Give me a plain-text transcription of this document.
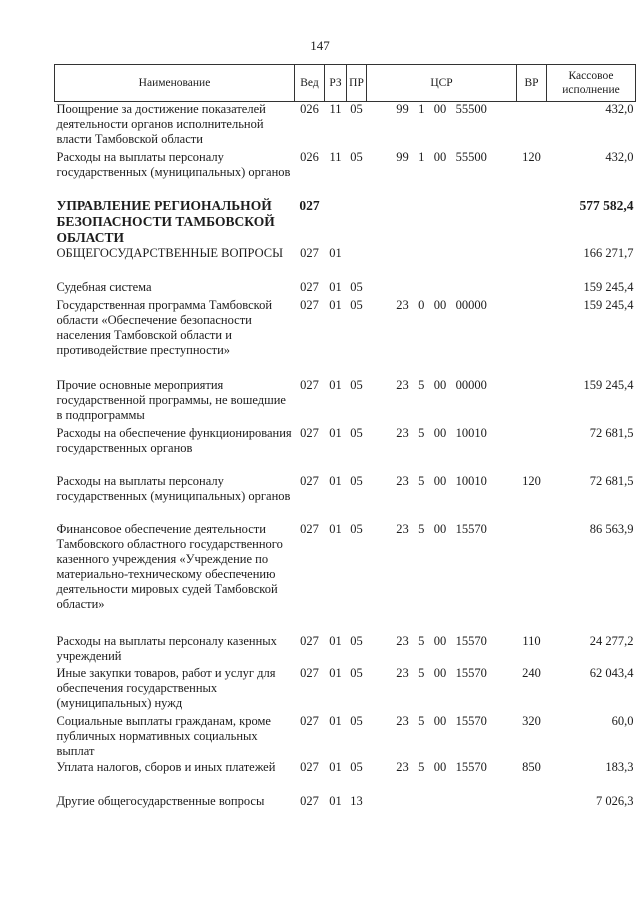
147
Наименование	Вед	РЗ	ПР	ЦСР	ВР	Кассовое исполнение
Поощрение за достижение показателей деятельности органов исполнительной власти Тамбовской области	026	11	05	99   1   00   55500		432,0
Расходы на выплаты персоналу государственных (муниципальных) органов	026	11	05	99   1   00   55500	120	432,0
УПРАВЛЕНИЕ РЕГИОНАЛЬНОЙ БЕЗОПАСНОСТИ ТАМБОВСКОЙ ОБЛАСТИ	027					577 582,4
ОБЩЕГОСУДАРСТВЕННЫЕ ВОПРОСЫ	027	01				166 271,7
Судебная система	027	01	05			159 245,4
Государственная программа Тамбовской области «Обеспечение безопасности населения Тамбовской области и противодействие преступности»	027	01	05	23   0   00   00000		159 245,4
Прочие основные мероприятия государственной программы, не вошедшие в подпрограммы	027	01	05	23   5   00   00000		159 245,4
Расходы на обеспечение функционирования государственных органов	027	01	05	23   5   00   10010		72 681,5
Расходы на выплаты персоналу государственных (муниципальных) органов	027	01	05	23   5   00   10010	120	72 681,5
Финансовое обеспечение деятельности Тамбовского областного государственного казенного учреждения «Учреждение по материально-техническому обеспечению деятельности мировых судей Тамбовской области»	027	01	05	23   5   00   15570		86 563,9
Расходы на выплаты персоналу казенных учреждений	027	01	05	23   5   00   15570	110	24 277,2
Иные закупки товаров, работ и услуг для обеспечения государственных (муниципальных) нужд	027	01	05	23   5   00   15570	240	62 043,4
Социальные выплаты гражданам, кроме публичных нормативных социальных выплат	027	01	05	23   5   00   15570	320	60,0
Уплата налогов, сборов и иных платежей	027	01	05	23   5   00   15570	850	183,3
Другие общегосударственные вопросы	027	01	13			7 026,3
